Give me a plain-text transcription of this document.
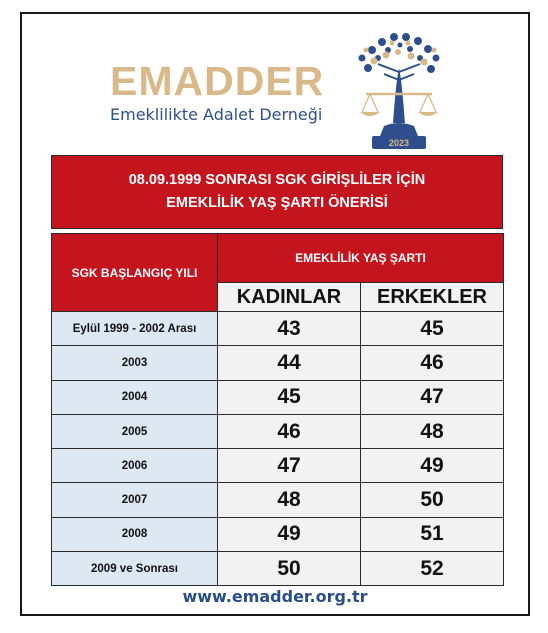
EMADDER
Emeklilikte Adalet Derneği
2023
08.09.1999 SONRASI SGK GİRİŞLİLER İÇİN
EMEKLİLİK YAŞ ŞARTI ÖNERİSİ
SGK BAŞLANGIÇ YILI	EMEKLİLİK YAŞ ŞARTI	
	KADINLAR	ERKEKLER
Eylül 1999 - 2002 Arası	43	45
2003	44	46
2004	45	47
2005	46	48
2006	47	49
2007	48	50
2008	49	51
2009 ve Sonrası	50	52
www.emadder.org.tr
